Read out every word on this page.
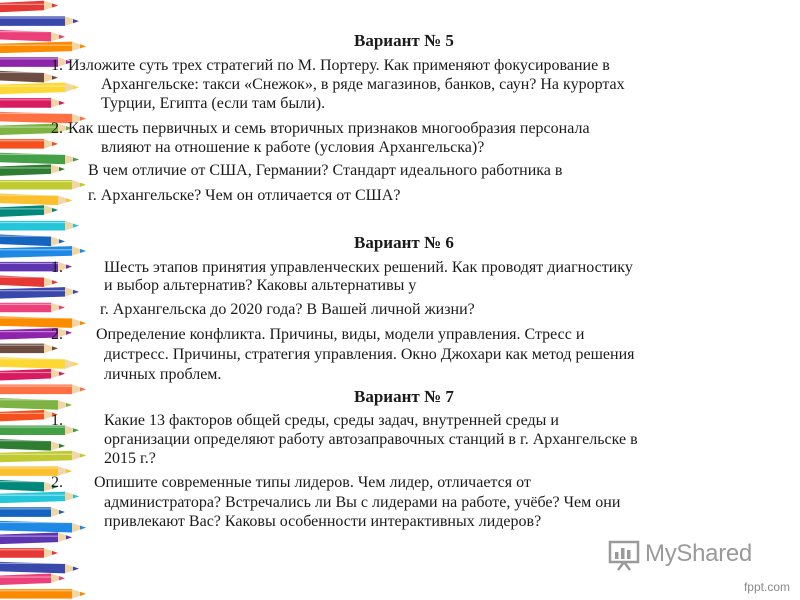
Вариант № 5
1. Изложите суть трех стратегий по М. Портеру. Как применяют фокусирование в
Архангельске: такси «Снежок», в ряде магазинов, банков, саун? На курортах
Турции, Египта (если там были).
2. Как шесть первичных и семь вторичных признаков многообразия персонала
влияют на отношение к работе (условия Архангельска)?
В чем отличие от США, Германии? Стандарт идеального работника в
г. Архангельске? Чем он отличается от США?
Вариант № 6
1.	Шесть этапов принятия управленческих решений. Как проводят диагностику
и выбор альтернатив? Каковы альтернативы у
г. Архангельска до 2020 года? В Вашей личной жизни?
2. Определение конфликта. Причины, виды, модели управления. Стресс и
дистресс. Причины, стратегия управления. Окно Джохари как метод решения
личных проблем.
Вариант № 7
1.	Какие 13 факторов общей среды, среды задач, внутренней среды и
организации определяют работу автозаправочных станций в г. Архангельске в
2015 г.?
2. Опишите современные типы лидеров. Чем лидер, отличается от
администратора? Встречались ли Вы с лидерами на работе, учёбе? Чем они
привлекают Вас? Каковы особенности интерактивных лидеров?
MyShared
fppt.com
